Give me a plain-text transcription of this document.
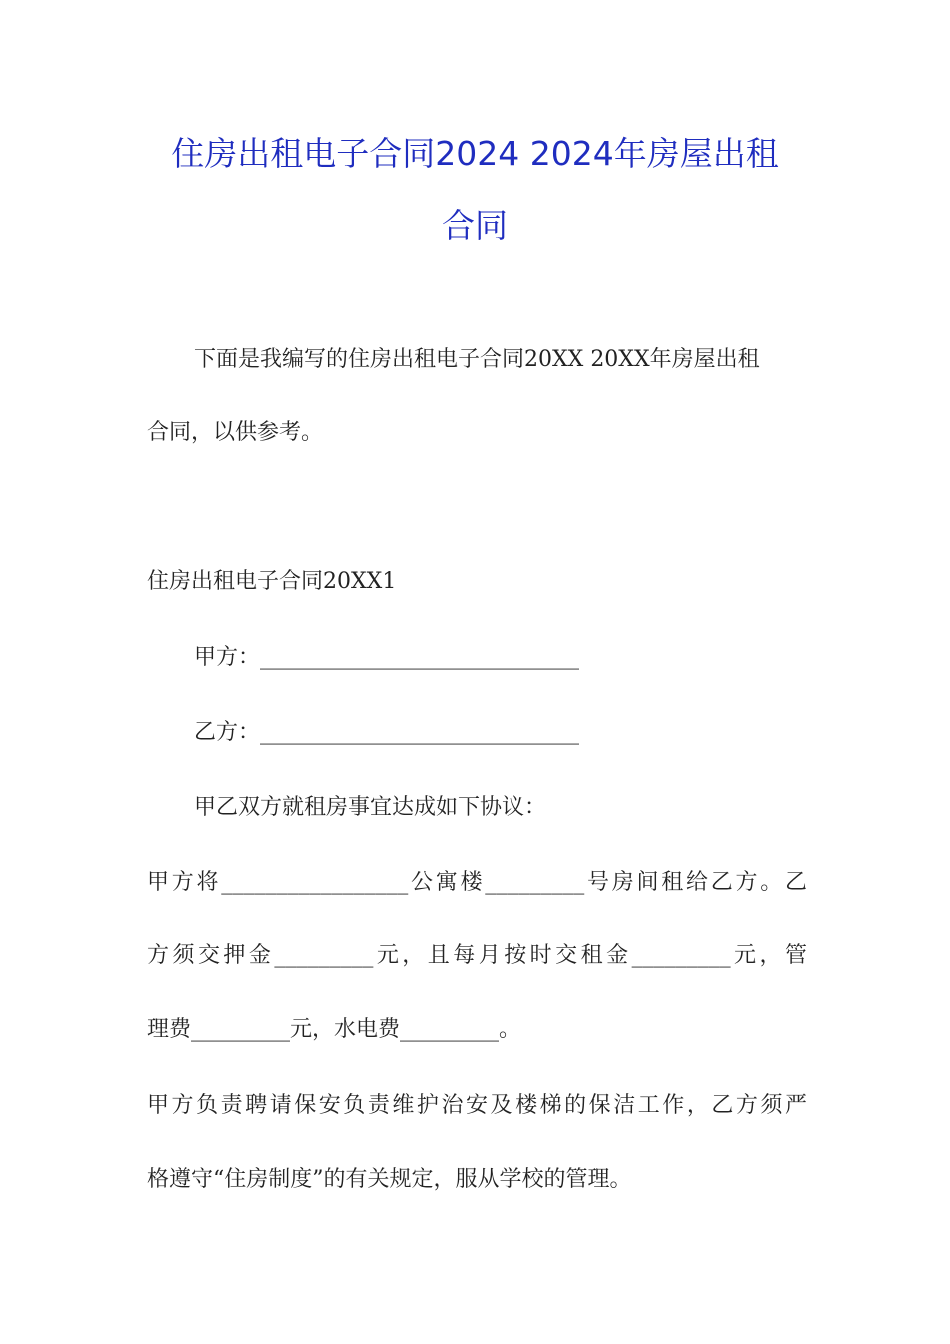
住房出租电子合同2024 2024年房屋出租
合同
下面是我编写的住房出租电子合同20XX 20XX年房屋出租
合同，以供参考。
住房出租电子合同20XX1
甲方：_____________________________
乙方：_____________________________
甲乙双方就租房事宜达成如下协议：
甲方将_________________公寓楼_________号房间租给乙方。乙
方须交押金_________元，且每月按时交租金_________元，管
理费_________元，水电费_________。
甲方负责聘请保安负责维护治安及楼梯的保洁工作，乙方须严
格遵守“住房制度”的有关规定，服从学校的管理。
